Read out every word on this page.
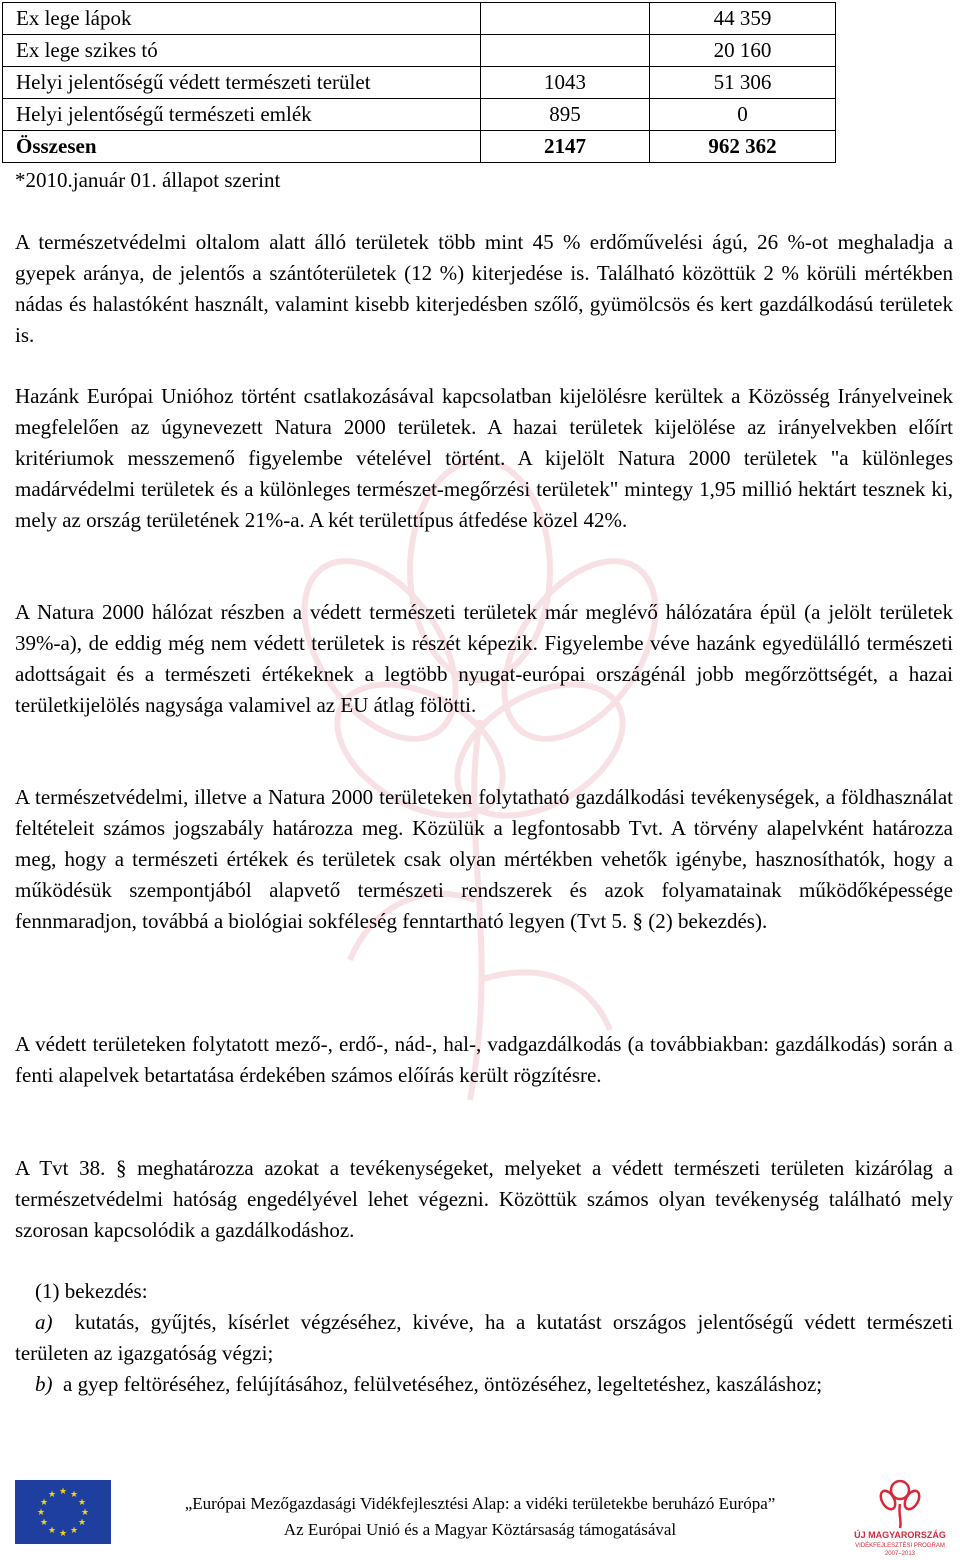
Ex lege lápok		44 359
Ex lege szikes tó		20 160
Helyi jelentőségű védett természeti terület	1043	51 306
Helyi jelentőségű természeti emlék	895	0
Összesen	2147	962 362
*2010.január 01. állapot szerint

A természetvédelmi oltalom alatt álló területek több mint 45 % erdőművelési ágú, 26 %-ot meghaladja a gyepek aránya, de jelentős a szántóterületek (12 %) kiterjedése is. Található közöttük 2 % körüli mértékben nádas és halastóként használt, valamint kisebb kiterjedésben szőlő, gyümölcsös és kert gazdálkodású területek is.

Hazánk Európai Unióhoz történt csatlakozásával kapcsolatban kijelölésre kerültek a Közösség Irányelveinek megfelelően az úgynevezett Natura 2000 területek. A hazai területek kijelölése az irányelvekben előírt kritériumok messzemenő figyelembe vételével történt. A kijelölt Natura 2000 területek "a különleges madárvédelmi területek és a különleges természet-megőrzési területek" mintegy 1,95 millió hektárt tesznek ki, mely az ország területének 21%-a. A két területtípus átfedése közel 42%.

A Natura 2000 hálózat részben a védett természeti területek már meglévő hálózatára épül (a jelölt területek 39%-a), de eddig még nem védett területek is részét képezik. Figyelembe véve hazánk egyedülálló természeti adottságait és a természeti értékeknek a legtöbb nyugat-európai országénál jobb megőrzöttségét, a hazai területkijelölés nagysága valamivel az EU átlag fölötti.

A természetvédelmi, illetve a Natura 2000 területeken folytatható gazdálkodási tevékenységek, a földhasználat feltételeit számos jogszabály határozza meg. Közülük a legfontosabb Tvt. A törvény alapelvként határozza meg, hogy a természeti értékek és területek csak olyan mértékben vehetők igénybe, hasznosíthatók, hogy a működésük szempontjából alapvető természeti rendszerek és azok folyamatainak működőképessége fennmaradjon, továbbá a biológiai sokféleség fenntartható legyen (Tvt 5. § (2) bekezdés).

A védett területeken folytatott mező-, erdő-, nád-, hal-, vadgazdálkodás (a továbbiakban: gazdálkodás) során a fenti alapelvek betartatása érdekében számos előírás került rögzítésre.

A Tvt 38. § meghatározza azokat a tevékenységeket, melyeket a védett természeti területen kizárólag a természetvédelmi hatóság engedélyével lehet végezni. Közöttük számos olyan tevékenység található mely szorosan kapcsolódik a gazdálkodáshoz.

(1) bekezdés:
a) kutatás, gyűjtés, kísérlet végzéséhez, kivéve, ha a kutatást országos jelentőségű védett természeti területen az igazgatóság végzi;
b) a gyep feltöréséhez, felújításához, felülvetéséhez, öntözéséhez, legeltetéshez, kaszáláshoz;
★ ★
★
★
★
★
★
★
★
★
★
★	„Európai Mezőgazdasági Vidékfejlesztési Alap: a vidéki területekbe beruházó Európa”
Az Európai Unió és a Magyar Köztársaság támogatásával	ÚJ MAGYARORSZÁG
VIDÉKFEJLESZTÉSI PROGRAM
2007–2013
